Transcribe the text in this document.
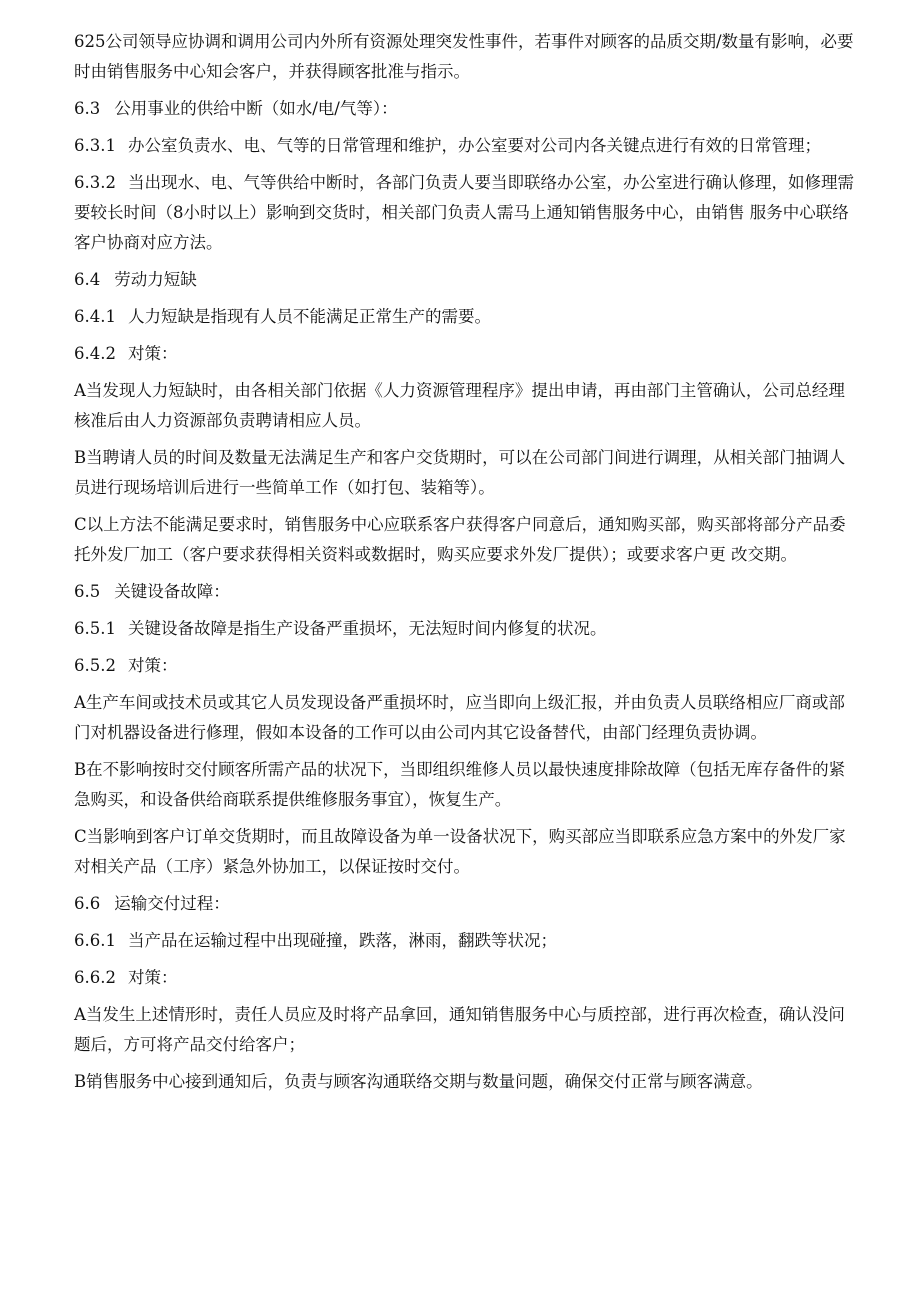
625公司领导应协调和调用公司内外所有资源处理突发性事件，若事件对顾客的品质交期/数量有影响，必要时由销售服务中心知会客户，并获得顾客批准与指示。

6.3 公用事业的供给中断（如水/电/气等）：

6.3.1 办公室负责水、电、气等的日常管理和维护，办公室要对公司内各关键点进行有效的日常管理；

6.3.2 当出现水、电、气等供给中断时，各部门负责人要当即联络办公室，办公室进行确认修理，如修理需要较长时间（8小时以上）影响到交货时，相关部门负责人需马上通知销售服务中心，由销售 服务中心联络客户协商对应方法。

6.4 劳动力短缺

6.4.1 人力短缺是指现有人员不能满足正常生产的需要。

6.4.2 对策：

A当发现人力短缺时，由各相关部门依据《人力资源管理程序》提出申请，再由部门主管确认，公司总经理核准后由人力资源部负责聘请相应人员。

B当聘请人员的时间及数量无法满足生产和客户交货期时，可以在公司部门间进行调理，从相关部门抽调人员进行现场培训后进行一些简单工作（如打包、装箱等）。

C以上方法不能满足要求时，销售服务中心应联系客户获得客户同意后，通知购买部，购买部将部分产品委托外发厂加工（客户要求获得相关资料或数据时，购买应要求外发厂提供）；或要求客户更 改交期。

6.5 关键设备故障：

6.5.1 关键设备故障是指生产设备严重损坏，无法短时间内修复的状况。

6.5.2 对策：

A生产车间或技术员或其它人员发现设备严重损坏时，应当即向上级汇报，并由负责人员联络相应厂商或部门对机器设备进行修理，假如本设备的工作可以由公司内其它设备替代，由部门经理负责协调。

B在不影响按时交付顾客所需产品的状况下，当即组织维修人员以最快速度排除故障（包括无库存备件的紧急购买，和设备供给商联系提供维修服务事宜），恢复生产。

C当影响到客户订单交货期时，而且故障设备为单一设备状况下，购买部应当即联系应急方案中的外发厂家对相关产品（工序）紧急外协加工，以保证按时交付。

6.6 运输交付过程：

6.6.1 当产品在运输过程中出现碰撞，跌落，淋雨，翻跌等状况；

6.6.2 对策：

A当发生上述情形时，责任人员应及时将产品拿回，通知销售服务中心与质控部，进行再次检查，确认没问题后，方可将产品交付给客户；

B销售服务中心接到通知后，负责与顾客沟通联络交期与数量问题，确保交付正常与顾客满意。
